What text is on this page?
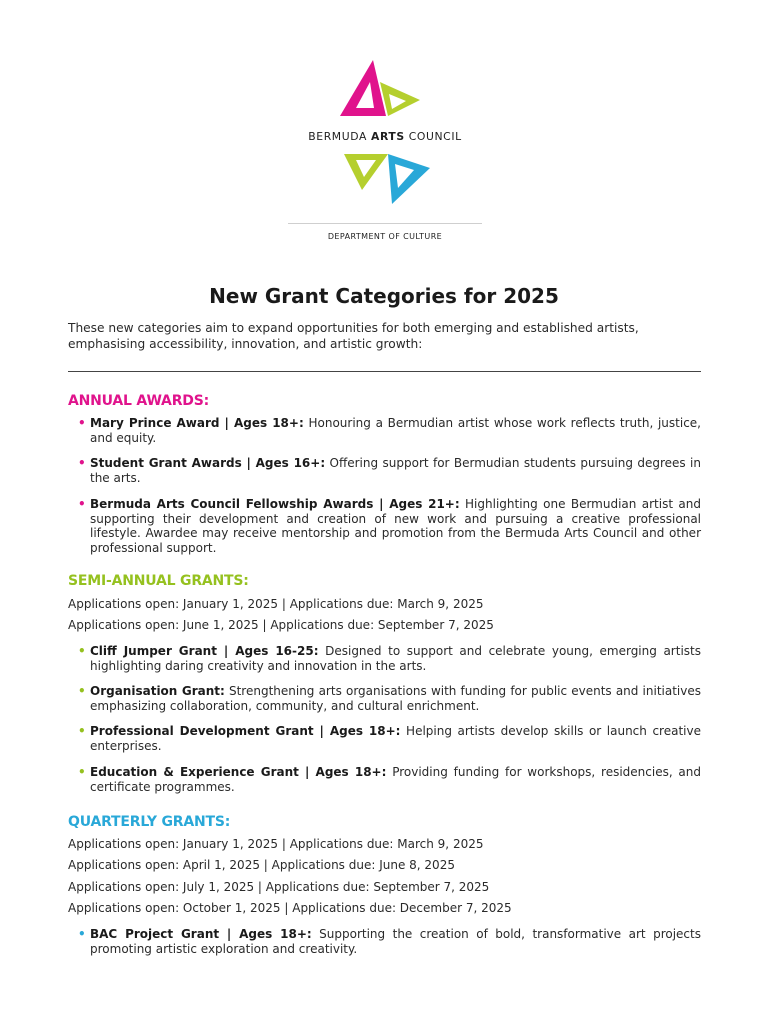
BERMUDA ARTS COUNCIL
DEPARTMENT OF CULTURE
New Grant Categories for 2025

These new categories aim to expand opportunities for both emerging and established artists, emphasising accessibility, innovation, and artistic growth:

ANNUAL AWARDS:
• Mary Prince Award | Ages 18+: Honouring a Bermudian artist whose work reflects truth, justice, and equity.
• Student Grant Awards | Ages 16+: Offering support for Bermudian students pursuing degrees in the arts.
• Bermuda Arts Council Fellowship Awards | Ages 21+: Highlighting one Bermudian artist and supporting their development and creation of new work and pursuing a creative professional lifestyle. Awardee may receive mentorship and promotion from the Bermuda Arts Council and other professional support.
SEMI-ANNUAL GRANTS:
Applications open: January 1, 2025 | Applications due: March 9, 2025
Applications open: June 1, 2025 | Applications due: September 7, 2025
• Cliff Jumper Grant | Ages 16-25: Designed to support and celebrate young, emerging artists highlighting daring creativity and innovation in the arts.
• Organisation Grant: Strengthening arts organisations with funding for public events and initiatives emphasizing collaboration, community, and cultural enrichment.
• Professional Development Grant | Ages 18+: Helping artists develop skills or launch creative enterprises.
• Education & Experience Grant | Ages 18+: Providing funding for workshops, residencies, and certificate programmes.
QUARTERLY GRANTS:
Applications open: January 1, 2025 | Applications due: March 9, 2025
Applications open: April 1, 2025 | Applications due: June 8, 2025
Applications open: July 1, 2025 | Applications due: September 7, 2025
Applications open: October 1, 2025 | Applications due: December 7, 2025
• BAC Project Grant | Ages 18+: Supporting the creation of bold, transformative art projects promoting artistic exploration and creativity.
